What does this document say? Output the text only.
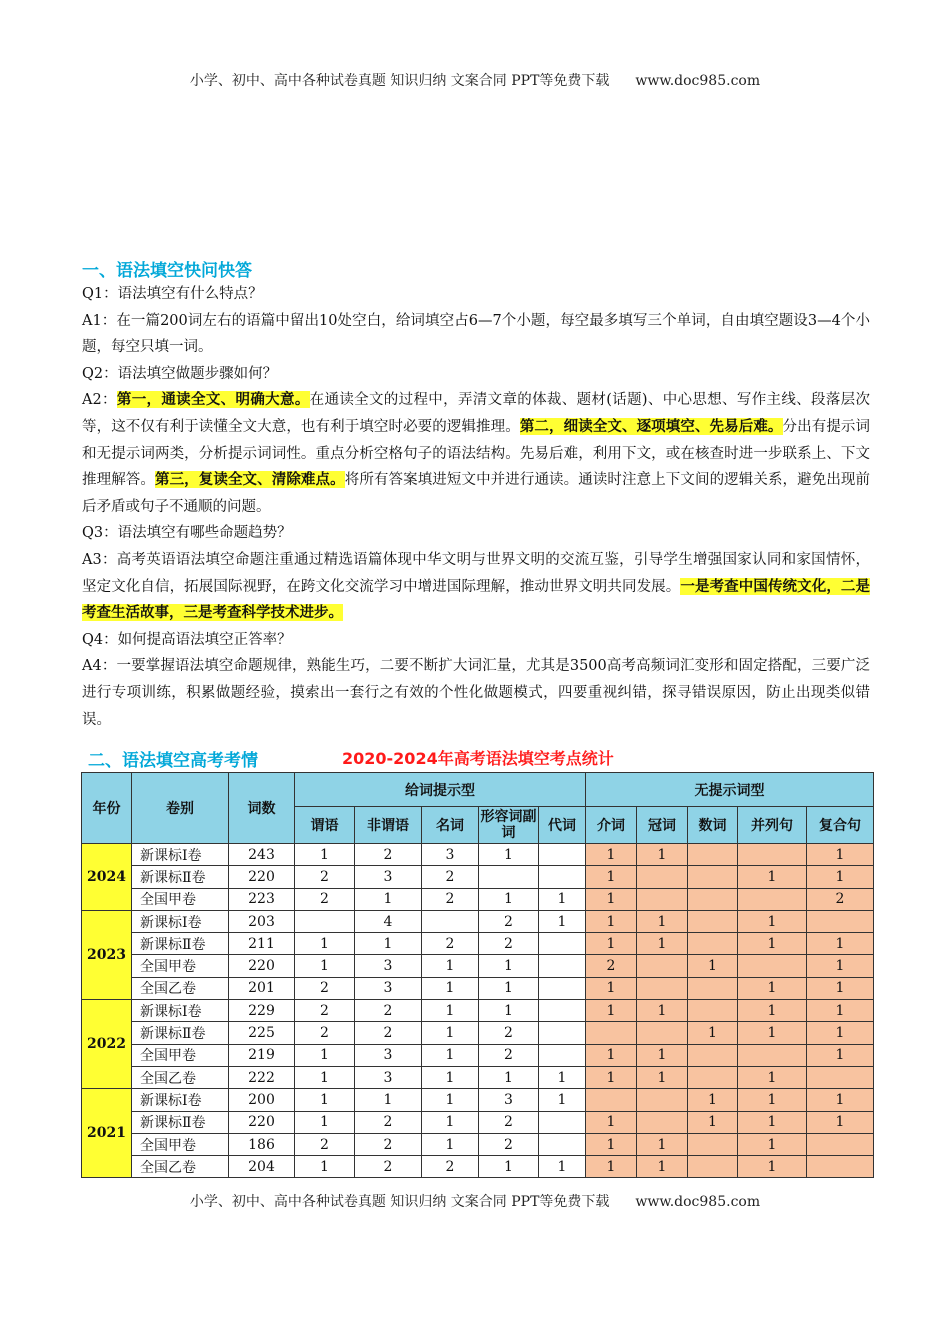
小学、初中、高中各种试卷真题 知识归纳 文案合同 PPT等免费下载 www.doc985.com
一、语法填空快问快答

Q1：语法填空有什么特点？

A1：在一篇200词左右的语篇中留出10处空白，给词填空占6—7个小题，每空最多填写三个单词，自由填空题设3—4个小题，每空只填一词。

Q2：语法填空做题步骤如何？

A2：第一，通读全文、明确大意。在通读全文的过程中，弄清文章的体裁、题材(话题)、中心思想、写作主线、段落层次等，这不仅有利于读懂全文大意，也有利于填空时必要的逻辑推理。第二，细读全文、逐项填空、先易后难。分出有提示词和无提示词两类，分析提示词词性。重点分析空格句子的语法结构。先易后难，利用下文，或在核查时进一步联系上、下文推理解答。第三，复读全文、清除难点。将所有答案填进短文中并进行通读。通读时注意上下文间的逻辑关系，避免出现前后矛盾或句子不通顺的问题。

Q3：语法填空有哪些命题趋势？

A3：高考英语语法填空命题注重通过精选语篇体现中华文明与世界文明的交流互鉴，引导学生增强国家认同和家国情怀，坚定文化自信，拓展国际视野，在跨文化交流学习中增进国际理解，推动世界文明共同发展。一是考查中国传统文化，二是考查生活故事，三是考查科学技术进步。

Q4：如何提高语法填空正答率？

A4：一要掌握语法填空命题规律，熟能生巧，二要不断扩大词汇量，尤其是3500高考高频词汇变形和固定搭配，三要广泛进行专项训练，积累做题经验，摸索出一套行之有效的个性化做题模式，四要重视纠错，探寻错误原因，防止出现类似错误。

二、语法填空高考考情	2020-2024年高考语法填空考点统计
年份	卷别	词数	给词提示型					无提示词型				
			谓语	非谓语	名词	形容词副词	代词	介词	冠词	数词	并列句	复合句
2024	新课标Ⅰ卷	243	1	2	3	1		1	1			1
	新课标Ⅱ卷	220	2	3	2			1			1	1
	全国甲卷	223	2	1	2	1	1	1				2
2023	新课标Ⅰ卷	203		4		2	1	1	1		1	
	新课标Ⅱ卷	211	1	1	2	2		1	1		1	1
	全国甲卷	220	1	3	1	1		2		1		1
	全国乙卷	201	2	3	1	1		1			1	1
2022	新课标Ⅰ卷	229	2	2	1	1		1	1		1	1
	新课标Ⅱ卷	225	2	2	1	2				1	1	1
	全国甲卷	219	1	3	1	2		1	1			1
	全国乙卷	222	1	3	1	1	1	1	1		1	
2021	新课标Ⅰ卷	200	1	1	1	3	1			1	1	1
	新课标Ⅱ卷	220	1	2	1	2		1		1	1	1
	全国甲卷	186	2	2	1	2		1	1		1	
	全国乙卷	204	1	2	2	1	1	1	1		1	
小学、初中、高中各种试卷真题 知识归纳 文案合同 PPT等免费下载 www.doc985.com
